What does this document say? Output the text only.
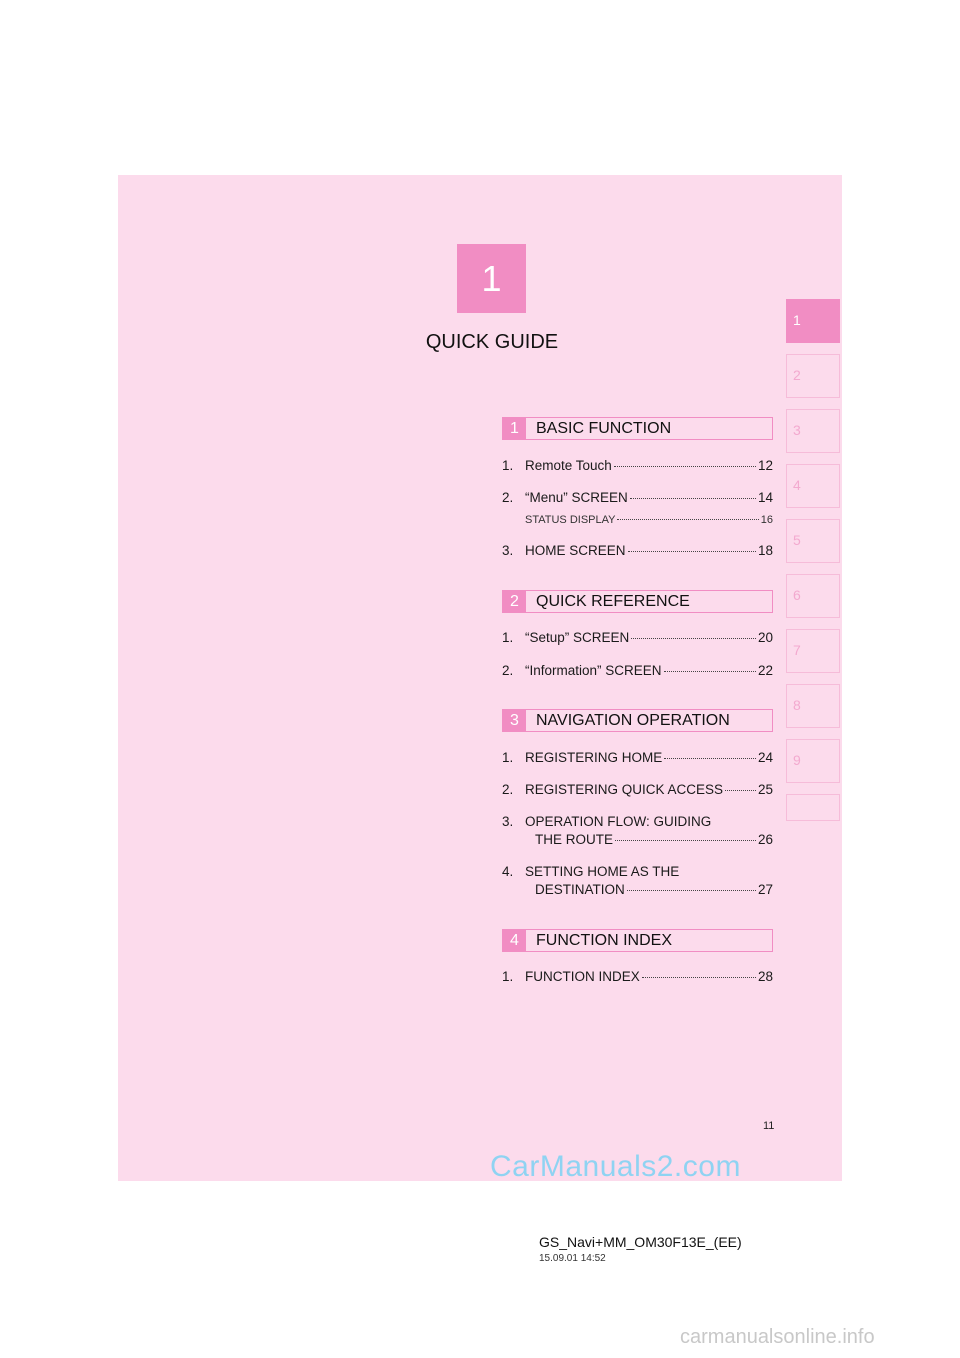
1
QUICK GUIDE
1
2
3
4
5
6
7
8
9
1	BASIC FUNCTION
1. Remote Touch	12
2. “Menu” SCREEN	14
STATUS DISPLAY	16
3. HOME SCREEN	18
2	QUICK REFERENCE
1. “Setup” SCREEN	20
2. “Information” SCREEN	22
3	NAVIGATION OPERATION
1. REGISTERING HOME	24
2. REGISTERING QUICK ACCESS	25
3. OPERATION FLOW: GUIDING
THE ROUTE	26
4. SETTING HOME AS THE
DESTINATION	27
4	FUNCTION INDEX
1. FUNCTION INDEX	28
11
CarManuals2.com
GS_Navi+MM_OM30F13E_(EE)
15.09.01 14:52
carmanualsonline.info
